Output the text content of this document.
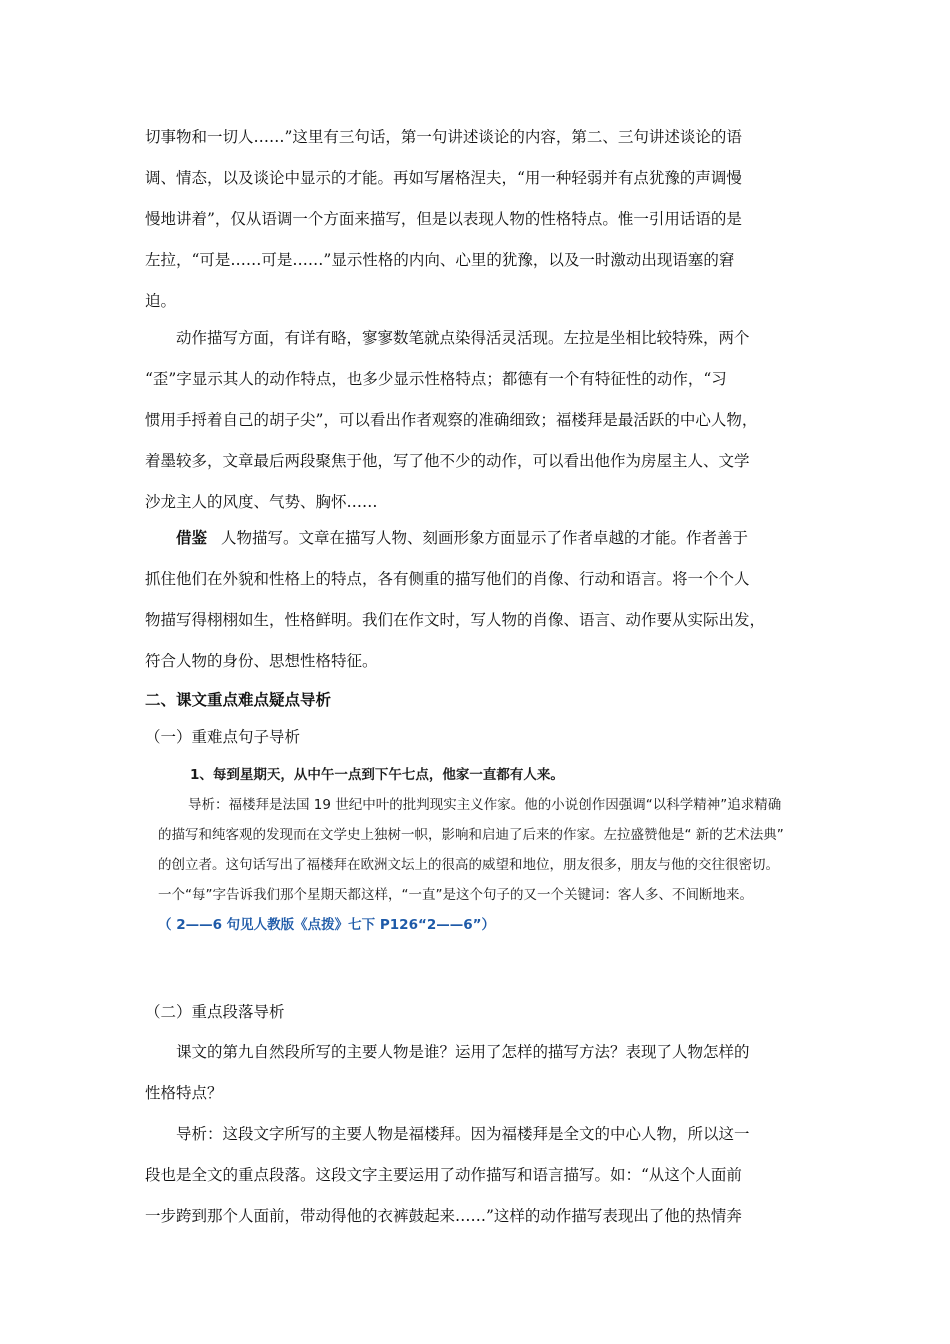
切事物和一切人……”这里有三句话，第一句讲述谈论的内容，第二、三句讲述谈论的语
调、情态，以及谈论中显示的才能。再如写屠格涅夫，“用一种轻弱并有点犹豫的声调慢
慢地讲着”，仅从语调一个方面来描写，但是以表现人物的性格特点。惟一引用话语的是
左拉，“可是……可是……”显示性格的内向、心里的犹豫，以及一时激动出现语塞的窘
迫。
动作描写方面，有详有略，寥寥数笔就点染得活灵活现。左拉是坐相比较特殊，两个
“歪”字显示其人的动作特点，也多少显示性格特点；都德有一个有特征性的动作，“习
惯用手捋着自己的胡子尖”，可以看出作者观察的准确细致；福楼拜是最活跃的中心人物，
着墨较多，文章最后两段聚焦于他，写了他不少的动作，可以看出他作为房屋主人、文学
沙龙主人的风度、气势、胸怀……
借鉴 人物描写。文章在描写人物、刻画形象方面显示了作者卓越的才能。作者善于
抓住他们在外貌和性格上的特点，各有侧重的描写他们的肖像、行动和语言。将一个个人
物描写得栩栩如生，性格鲜明。我们在作文时，写人物的肖像、语言、动作要从实际出发，
符合人物的身份、思想性格特征。
二、课文重点难点疑点导析
（一）重难点句子导析
1、每到星期天，从中午一点到下午七点，他家一直都有人来。
导析：福楼拜是法国 19 世纪中叶的批判现实主义作家。他的小说创作因强调“以科学精神”追求精确
的描写和纯客观的发现而在文学史上独树一帜，影响和启迪了后来的作家。左拉盛赞他是“ 新的艺术法典”
的创立者。这句话写出了福楼拜在欧洲文坛上的很高的威望和地位，朋友很多，朋友与他的交往很密切。
一个“每”字告诉我们那个星期天都这样，“一直”是这个句子的又一个关键词：客人多、不间断地来。
（ 2——6 句见人教版《点拨》七下 P126“2——6”）
（二）重点段落导析
课文的第九自然段所写的主要人物是谁？运用了怎样的描写方法？表现了人物怎样的
性格特点？
导析：这段文字所写的主要人物是福楼拜。因为福楼拜是全文的中心人物，所以这一
段也是全文的重点段落。这段文字主要运用了动作描写和语言描写。如：“从这个人面前
一步跨到那个人面前，带动得他的衣裤鼓起来……”这样的动作描写表现出了他的热情奔
